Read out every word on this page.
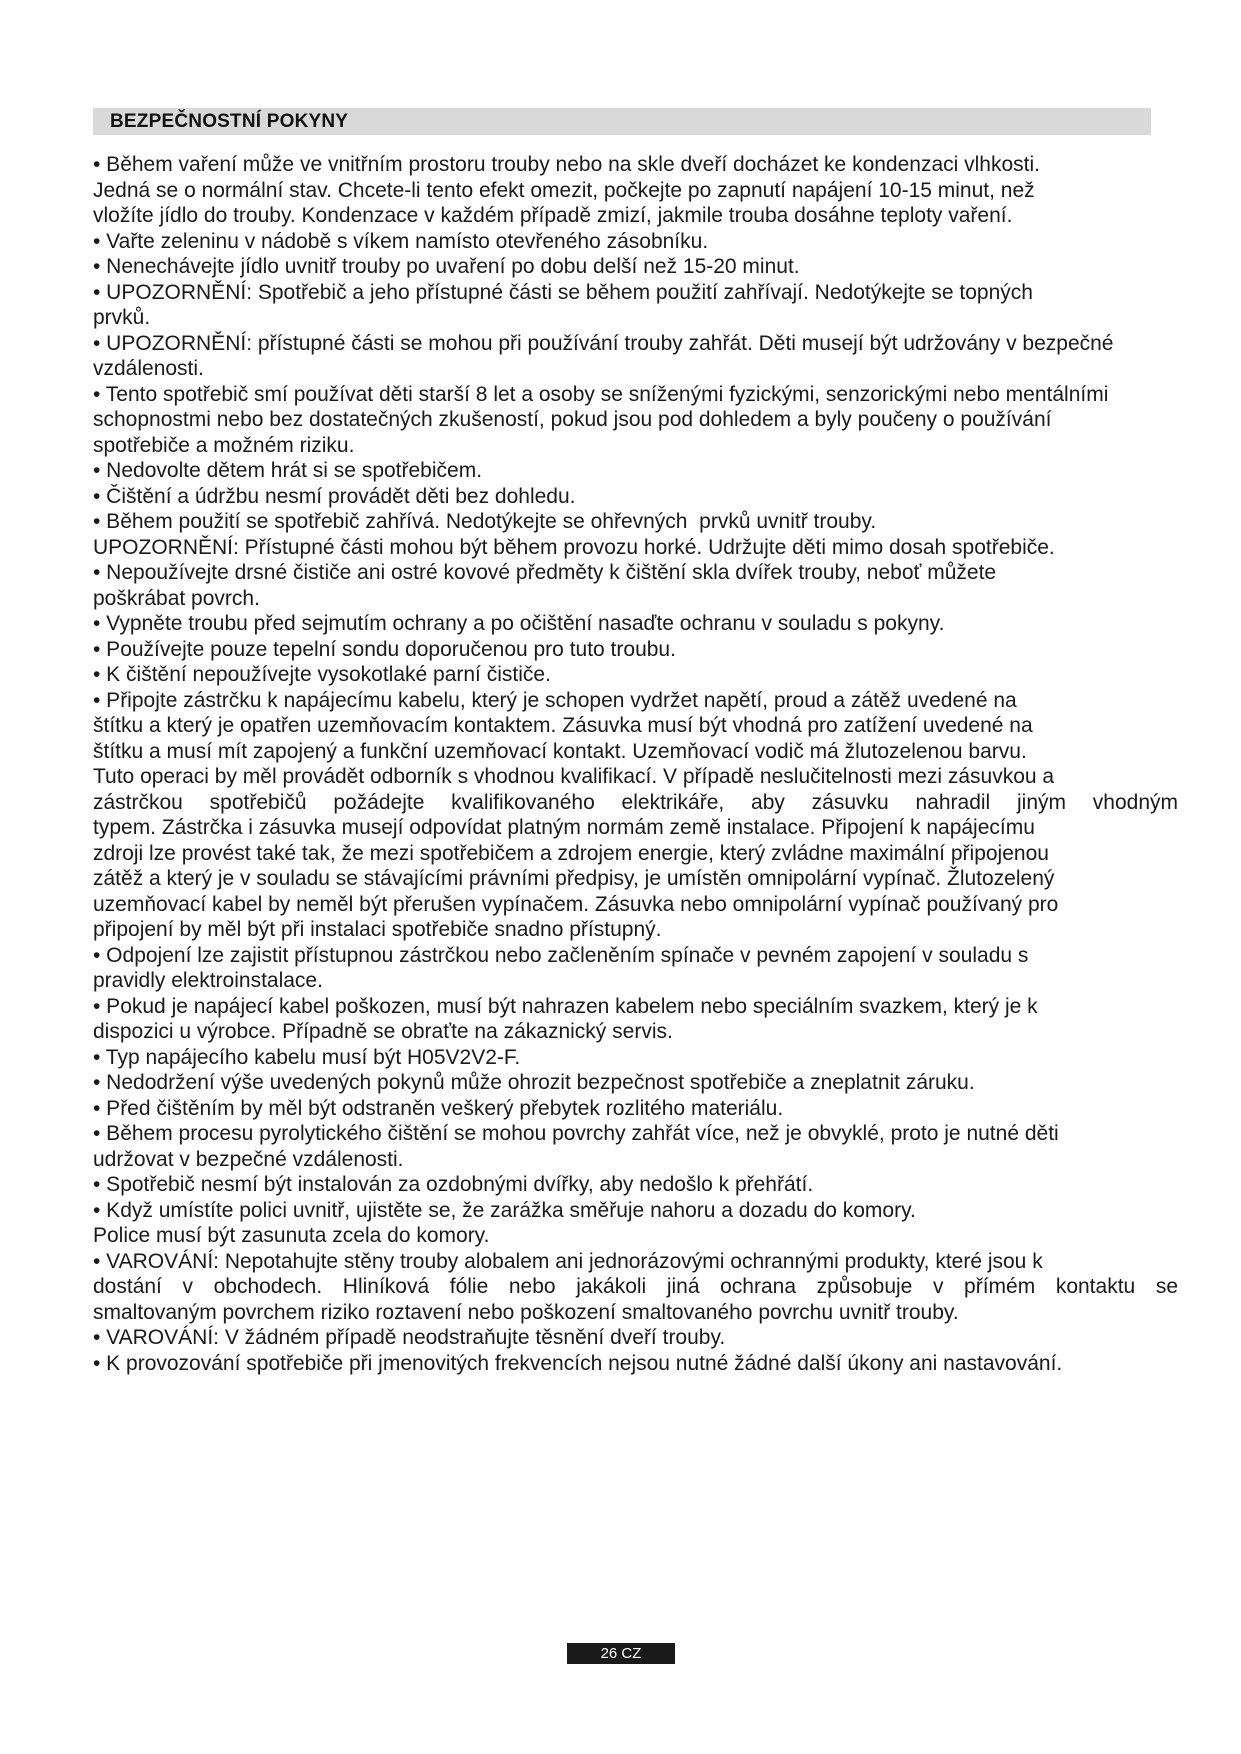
BEZPEČNOSTNÍ POKYNY
• Během vaření může ve vnitřním prostoru trouby nebo na skle dveří docházet ke kondenzaci vlhkosti.
Jedná se o normální stav. Chcete-li tento efekt omezit, počkejte po zapnutí napájení 10-15 minut, než
vložíte jídlo do trouby. Kondenzace v každém případě zmizí, jakmile trouba dosáhne teploty vaření.
• Vařte zeleninu v nádobě s víkem namísto otevřeného zásobníku.
• Nenechávejte jídlo uvnitř trouby po uvaření po dobu delší než 15-20 minut.
• UPOZORNĚNÍ: Spotřebič a jeho přístupné části se během použití zahřívají. Nedotýkejte se topných
prvků.
• UPOZORNĚNÍ: přístupné části se mohou při používání trouby zahřát. Děti musejí být udržovány v bezpečné
vzdálenosti.
• Tento spotřebič smí používat děti starší 8 let a osoby se sníženými fyzickými, senzorickými nebo mentálními
schopnostmi nebo bez dostatečných zkušeností, pokud jsou pod dohledem a byly poučeny o používání
spotřebiče a možném riziku.
• Nedovolte dětem hrát si se spotřebičem.
• Čištění a údržbu nesmí provádět děti bez dohledu.
• Během použití se spotřebič zahřívá. Nedotýkejte se ohřevných  prvků uvnitř trouby.
UPOZORNĚNÍ: Přístupné části mohou být během provozu horké. Udržujte děti mimo dosah spotřebiče.
• Nepoužívejte drsné čističe ani ostré kovové předměty k čištění skla dvířek trouby, neboť můžete
poškrábat povrch.
• Vypněte troubu před sejmutím ochrany a po očištění nasaďte ochranu v souladu s pokyny.
• Používejte pouze tepelní sondu doporučenou pro tuto troubu.
• K čištění nepoužívejte vysokotlaké parní čističe.
• Připojte zástrčku k napájecímu kabelu, který je schopen vydržet napětí, proud a zátěž uvedené na
štítku a který je opatřen uzemňovacím kontaktem. Zásuvka musí být vhodná pro zatížení uvedené na
štítku a musí mít zapojený a funkční uzemňovací kontakt. Uzemňovací vodič má žlutozelenou barvu.
Tuto operaci by měl provádět odborník s vhodnou kvalifikací. V případě neslučitelnosti mezi zásuvkou a
zástrčkou spotřebičů požádejte kvalifikovaného elektrikáře, aby zásuvku nahradil jiným vhodným
typem. Zástrčka i zásuvka musejí odpovídat platným normám země instalace. Připojení k napájecímu
zdroji lze provést také tak, že mezi spotřebičem a zdrojem energie, který zvládne maximální připojenou
zátěž a který je v souladu se stávajícími právními předpisy, je umístěn omnipolární vypínač. Žlutozelený
uzemňovací kabel by neměl být přerušen vypínačem. Zásuvka nebo omnipolární vypínač používaný pro
připojení by měl být při instalaci spotřebiče snadno přístupný.
• Odpojení lze zajistit přístupnou zástrčkou nebo začleněním spínače v pevném zapojení v souladu s
pravidly elektroinstalace.
• Pokud je napájecí kabel poškozen, musí být nahrazen kabelem nebo speciálním svazkem, který je k
dispozici u výrobce. Případně se obraťte na zákaznický servis.
• Typ napájecího kabelu musí být H05V2V2-F.
• Nedodržení výše uvedených pokynů může ohrozit bezpečnost spotřebiče a zneplatnit záruku.
• Před čištěním by měl být odstraněn veškerý přebytek rozlitého materiálu.
• Během procesu pyrolytického čištění se mohou povrchy zahřát více, než je obvyklé, proto je nutné děti
udržovat v bezpečné vzdálenosti.
• Spotřebič nesmí být instalován za ozdobnými dvířky, aby nedošlo k přehřátí.
• Když umístíte polici uvnitř, ujistěte se, že zarážka směřuje nahoru a dozadu do komory.
Police musí být zasunuta zcela do komory.
• VAROVÁNÍ: Nepotahujte stěny trouby alobalem ani jednorázovými ochrannými produkty, které jsou k
dostání v obchodech. Hliníková fólie nebo jakákoli jiná ochrana způsobuje v přímém kontaktu se
smaltovaným povrchem riziko roztavení nebo poškození smaltovaného povrchu uvnitř trouby.
• VAROVÁNÍ: V žádném případě neodstraňujte těsnění dveří trouby.
• K provozování spotřebiče při jmenovitých frekvencích nejsou nutné žádné další úkony ani nastavování.
26 CZ
